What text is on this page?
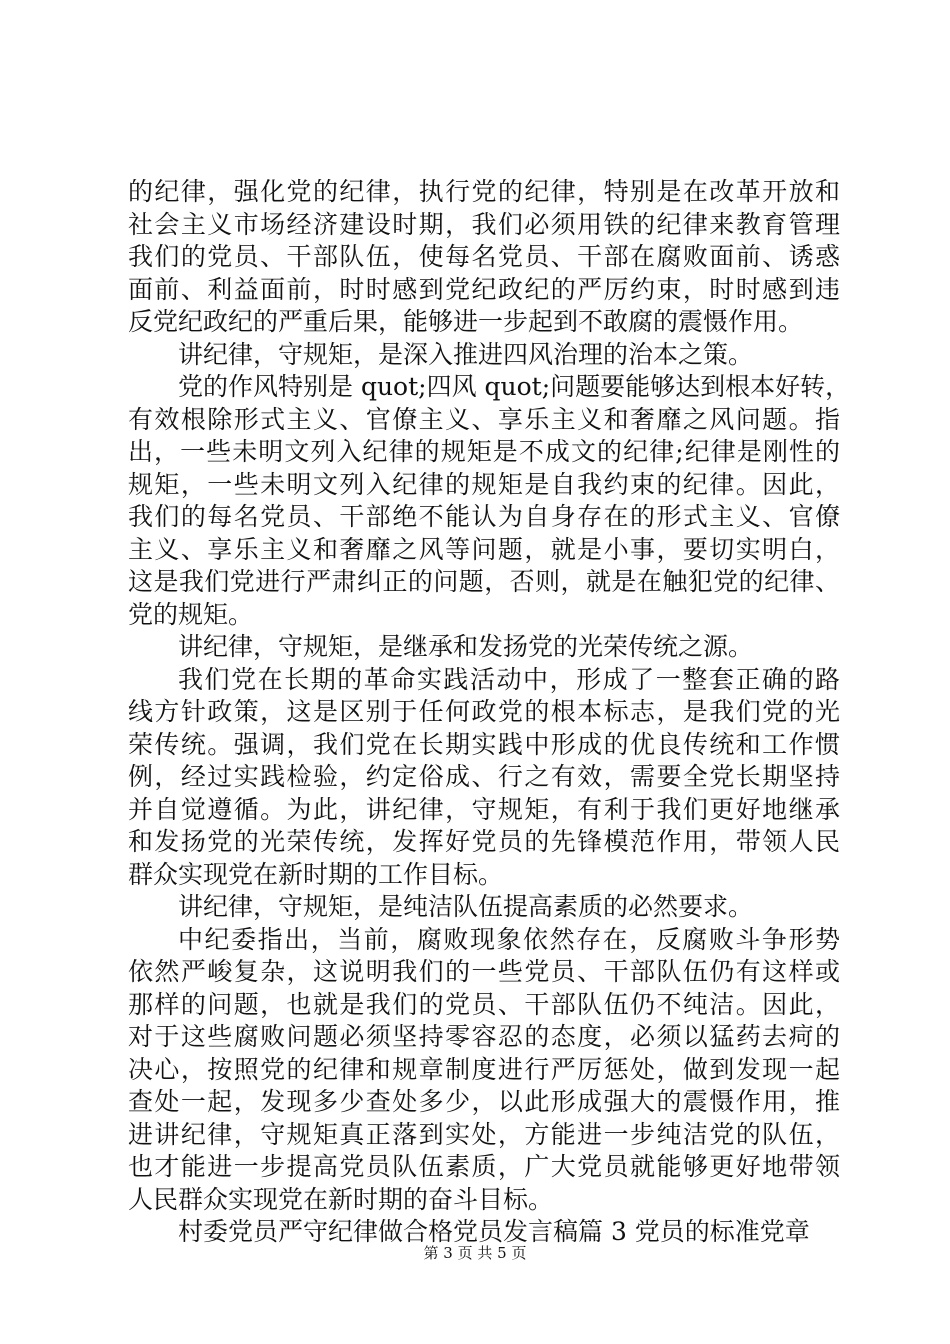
的纪律，强化党的纪律，执行党的纪律，特别是在改革开放和
社会主义市场经济建设时期，我们必须用铁的纪律来教育管理
我们的党员、干部队伍，使每名党员、干部在腐败面前、诱惑
面前、利益面前，时时感到党纪政纪的严厉约束，时时感到违
反党纪政纪的严重后果，能够进一步起到不敢腐的震慑作用。
讲纪律，守规矩，是深入推进四风治理的治本之策。
党的作风特别是 quot;四风 quot;问题要能够达到根本好转，
有效根除形式主义、官僚主义、享乐主义和奢靡之风问题。指
出，一些未明文列入纪律的规矩是不成文的纪律;纪律是刚性的
规矩，一些未明文列入纪律的规矩是自我约束的纪律。因此，
我们的每名党员、干部绝不能认为自身存在的形式主义、官僚
主义、享乐主义和奢靡之风等问题，就是小事，要切实明白，
这是我们党进行严肃纠正的问题，否则，就是在触犯党的纪律、
党的规矩。
讲纪律，守规矩，是继承和发扬党的光荣传统之源。
我们党在长期的革命实践活动中，形成了一整套正确的路
线方针政策，这是区别于任何政党的根本标志，是我们党的光
荣传统。强调，我们党在长期实践中形成的优良传统和工作惯
例，经过实践检验，约定俗成、行之有效，需要全党长期坚持
并自觉遵循。为此，讲纪律，守规矩，有利于我们更好地继承
和发扬党的光荣传统，发挥好党员的先锋模范作用，带领人民
群众实现党在新时期的工作目标。
讲纪律，守规矩，是纯洁队伍提高素质的必然要求。
中纪委指出，当前，腐败现象依然存在，反腐败斗争形势
依然严峻复杂，这说明我们的一些党员、干部队伍仍有这样或
那样的问题，也就是我们的党员、干部队伍仍不纯洁。因此，
对于这些腐败问题必须坚持零容忍的态度，必须以猛药去疴的
决心，按照党的纪律和规章制度进行严厉惩处，做到发现一起
查处一起，发现多少查处多少，以此形成强大的震慑作用，推
进讲纪律，守规矩真正落到实处，方能进一步纯洁党的队伍，
也才能进一步提高党员队伍素质，广大党员就能够更好地带领
人民群众实现党在新时期的奋斗目标。
村委党员严守纪律做合格党员发言稿篇 3 党员的标准党章
第 3 页 共 5 页
